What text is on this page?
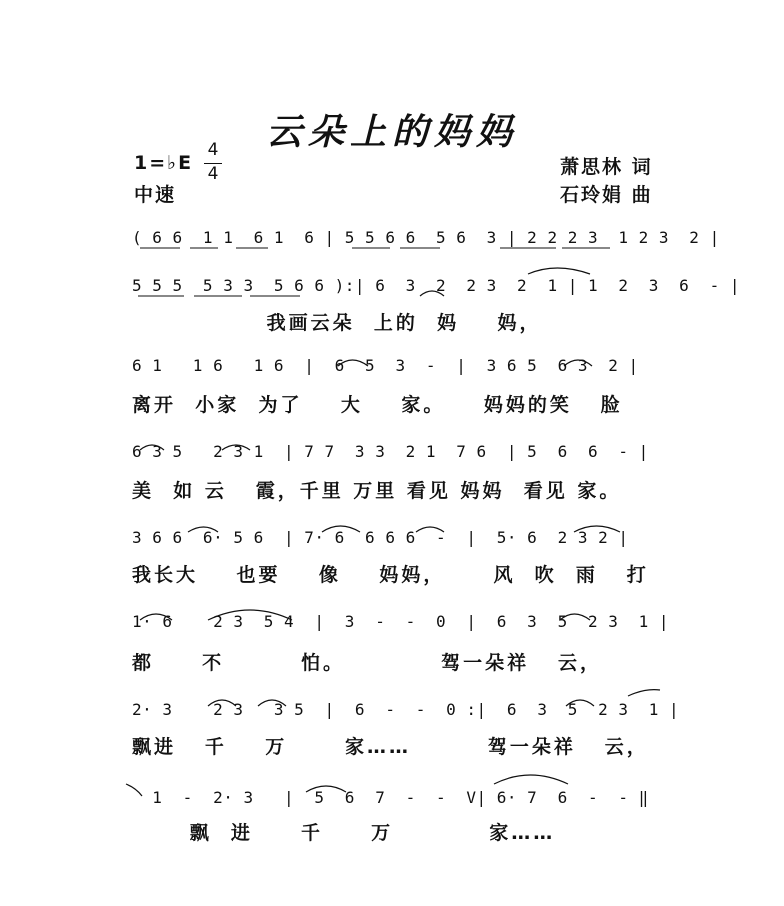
云朵上的妈妈
1=♭E
4
4
中速
萧思林 词
石玲娟 曲
( 6 6  1 1  6 1  6 | 5 5 6 6  5 6  3 | 2 2 2 3  1 2 3  2 |
5 5 5  5 3 3  5 6 6 ):| 6  3  2  2 3  2  1 | 1  2  3  6  - |
我画云朵  上的  妈    妈，
6 1   1 6   1 6  |  6  5  3  -  |  3 6 5  6 3  2 |
离开  小家  为了    大    家。    妈妈的笑   脸
6 3 5   2 3 1  | 7 7  3 3  2 1  7 6  | 5  6  6  - |
美  如 云   霞，千里 万里 看见 妈妈  看见 家。
3 6 6  6· 5 6  | 7· 6  6 6 6  -  |  5· 6  2 3 2 |
我长大    也要    像    妈妈，     风  吹  雨   打
1· 6    2 3  5 4  |  3  -  -  0  |  6  3  5  2 3  1 |
都     不        怕。          驾一朵祥   云，
2· 3    2 3   3 5  |  6  -  -  0 :|  6  3  5  2 3  1 |
飘进   千    万      家……        驾一朵祥   云，
1  -  2· 3   |  5  6  7  -  -  V| 6· 7  6  -  - ‖
飘  进     千     万          家……
